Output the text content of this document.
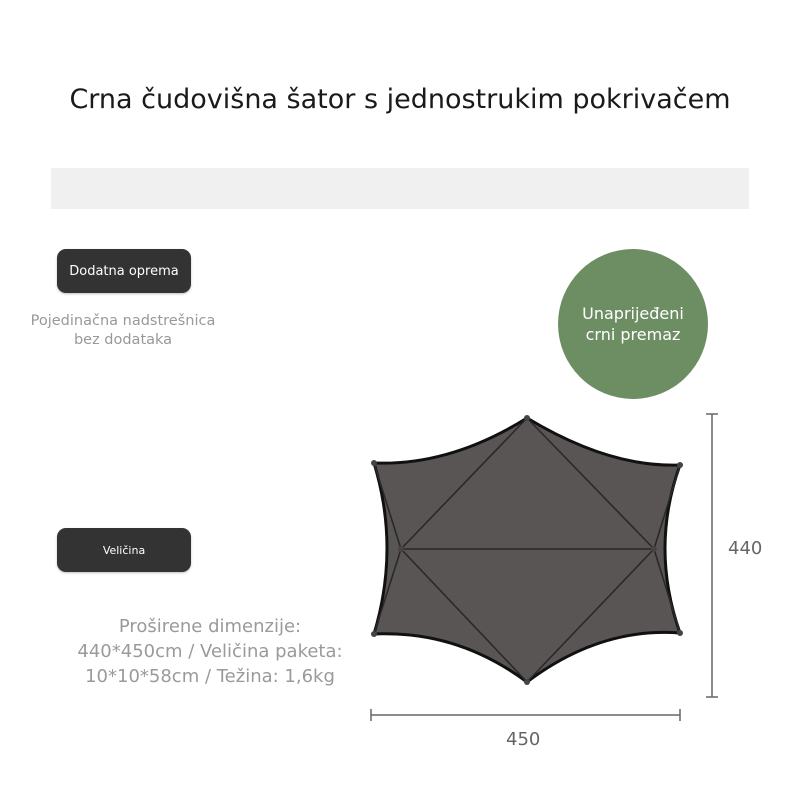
Crna čudovišna šator s jednostrukim pokrivačem
Dodatna oprema
Pojedinačna nadstrešnica
bez dodataka
Unaprijeđeni
crni premaz
Veličina
Proširene dimenzije:
440*450cm / Veličina paketa:
10*10*58cm / Težina: 1,6kg
440
450
